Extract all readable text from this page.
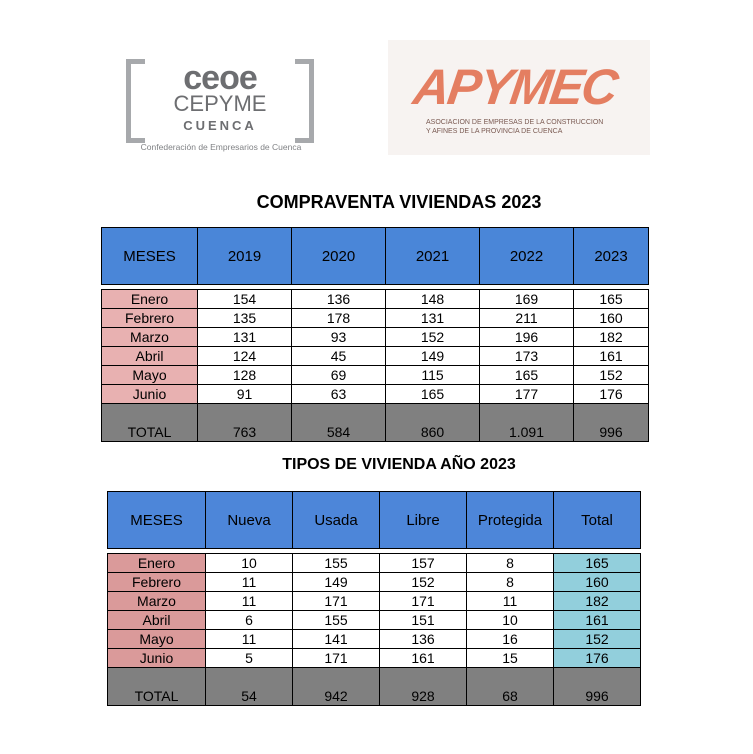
ceoe
CEPYME
CUENCA
Confederación de Empresarios de Cuenca
APYMEC
ASOCIACION DE EMPRESAS DE LA CONSTRUCCION
Y AFINES DE LA PROVINCIA DE CUENCA
COMPRAVENTA VIVIENDAS 2023
MESES	2019	2020	2021	2022	2023

Enero	154	136	148	169	165
Febrero	135	178	131	211	160
Marzo	131	93	152	196	182
Abril	124	45	149	173	161
Mayo	128	69	115	165	152
Junio	91	63	165	177	176
TOTAL	763	584	860	1.091	996
TIPOS DE VIVIENDA AÑO 2023
MESES	Nueva	Usada	Libre	Protegida	Total

Enero	10	155	157	8	165
Febrero	11	149	152	8	160
Marzo	11	171	171	11	182
Abril	6	155	151	10	161
Mayo	11	141	136	16	152
Junio	5	171	161	15	176
TOTAL	54	942	928	68	996
